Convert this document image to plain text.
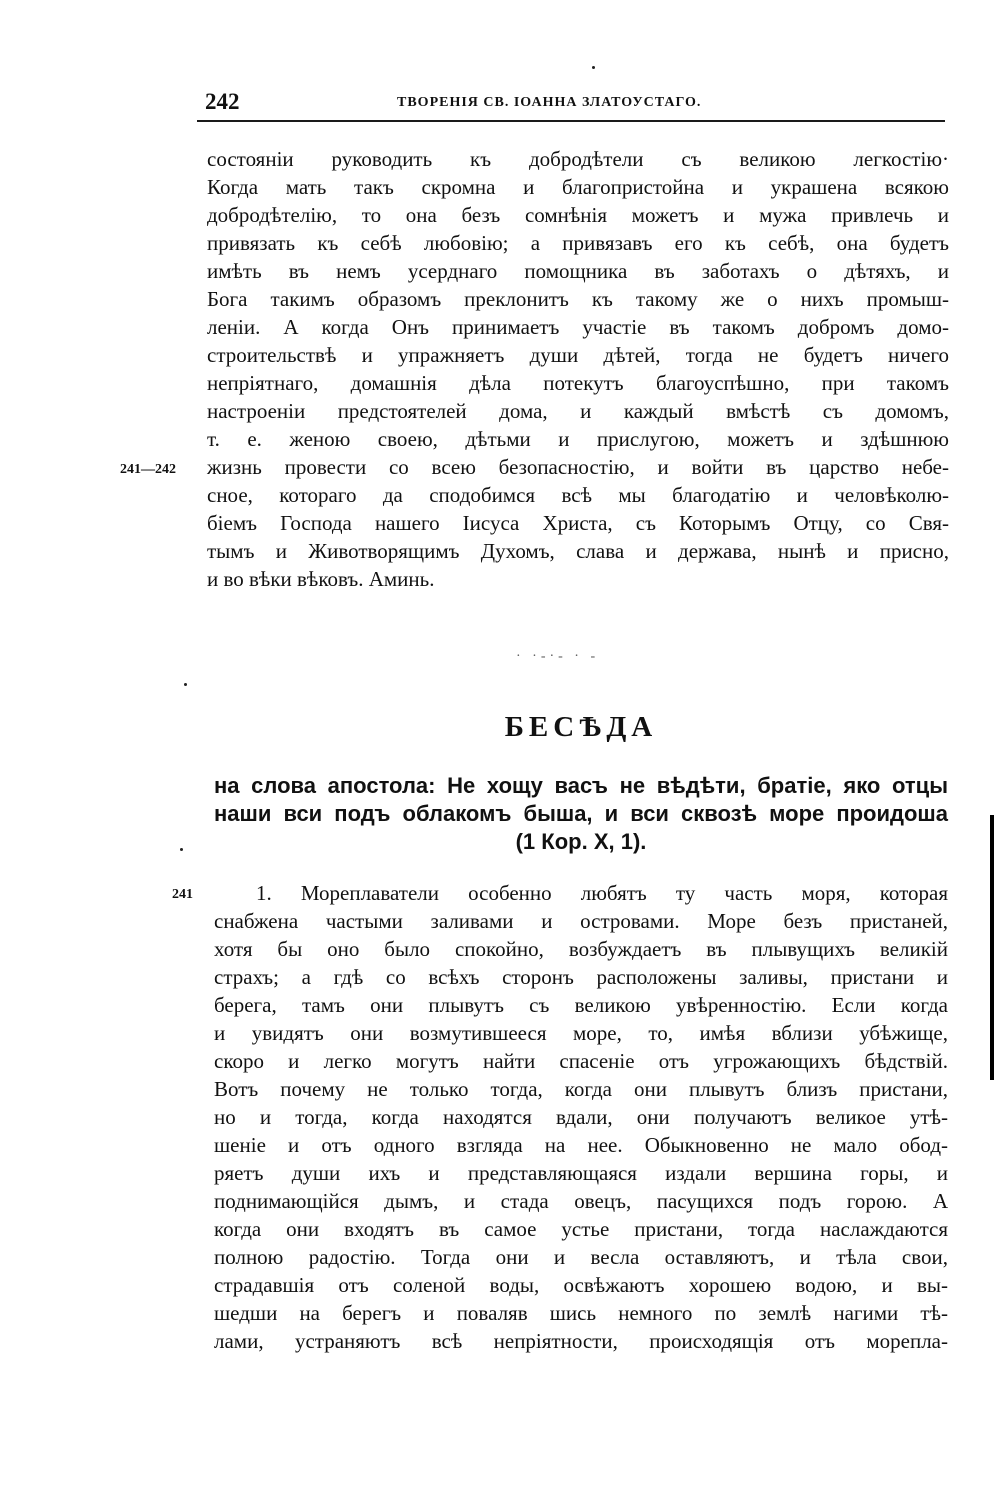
242	ТВОРЕНІЯ СВ. ІОАННА ЗЛАТОУСТАГО.
состояніи руководить къ добродѣтели съ великою легкостію·
Когда мать такъ скромна и благопристойна и украшена всякою
добродѣтелію, то она безъ сомнѣнія можетъ и мужа привлечь и
привязать къ себѣ любовію; а привязавъ его къ себѣ, она будетъ
имѣть въ немъ усерднаго помощника въ заботахъ о дѣтяхъ, и
Бога такимъ образомъ преклонитъ къ такому же о нихъ промыш-
леніи. А когда Онъ принимаетъ участіе въ такомъ добромъ домо-
строительствѣ и упражняетъ души дѣтей, тогда не будетъ ничего
непріятнаго, домашнія дѣла потекутъ благоуспѣшно, при такомъ
настроеніи предстоятелей дома, и каждый вмѣстѣ съ домомъ,
т. е. женою своею, дѣтьми и прислугою, можетъ и здѣшнюю
жизнь провести со всею безопасностію, и войти въ царство небе-
сное, котораго да сподобимся всѣ мы благодатію и человѣколю-
біемъ Господа нашего Іисуса Христа, съ Которымъ Отцу, со Свя-
тымъ и Животворящимъ Духомъ, слава и держава, нынѣ и присно,
и во вѣки вѣковъ. Аминь.
241—242
· ·-·- · -
БЕСѢДА
на слова апостола: Не хощу васъ не вѣдѣти, братіе, яко отцы
наши вси подъ облакомъ быша, и вси сквозѣ море проидоша
(1 Кор. X, 1).
241	1. Мореплаватели особенно любятъ ту часть моря, которая
снабжена частыми заливами и островами. Море безъ пристаней,
хотя бы оно было спокойно, возбуждаетъ въ плывущихъ великій
страхъ; а гдѣ со всѣхъ сторонъ расположены заливы, пристани и
берега, тамъ они плывутъ съ великою увѣренностію. Если когда
и увидятъ они возмутившееся море, то, имѣя вблизи убѣжище,
скоро и легко могутъ найти спасеніе отъ угрожающихъ бѣдствій.
Вотъ почему не только тогда, когда они плывутъ близъ пристани,
но и тогда, когда находятся вдали, они получаютъ великое утѣ-
шеніе и отъ одного взгляда на нее. Обыкновенно не мало обод-
ряетъ души ихъ и представляющаяся издали вершина горы, и
поднимающійся дымъ, и стада овецъ, пасущихся подъ горою. А
когда они входятъ въ самое устье пристани, тогда наслаждаются
полною радостію. Тогда они и весла оставляютъ, и тѣла свои,
страдавшія отъ соленой воды, освѣжаютъ хорошею водою, и вы-
шедши на берегъ и поваляв шись немного по землѣ нагими тѣ-
лами, устраняютъ всѣ непріятности, происходящія отъ морепла-
